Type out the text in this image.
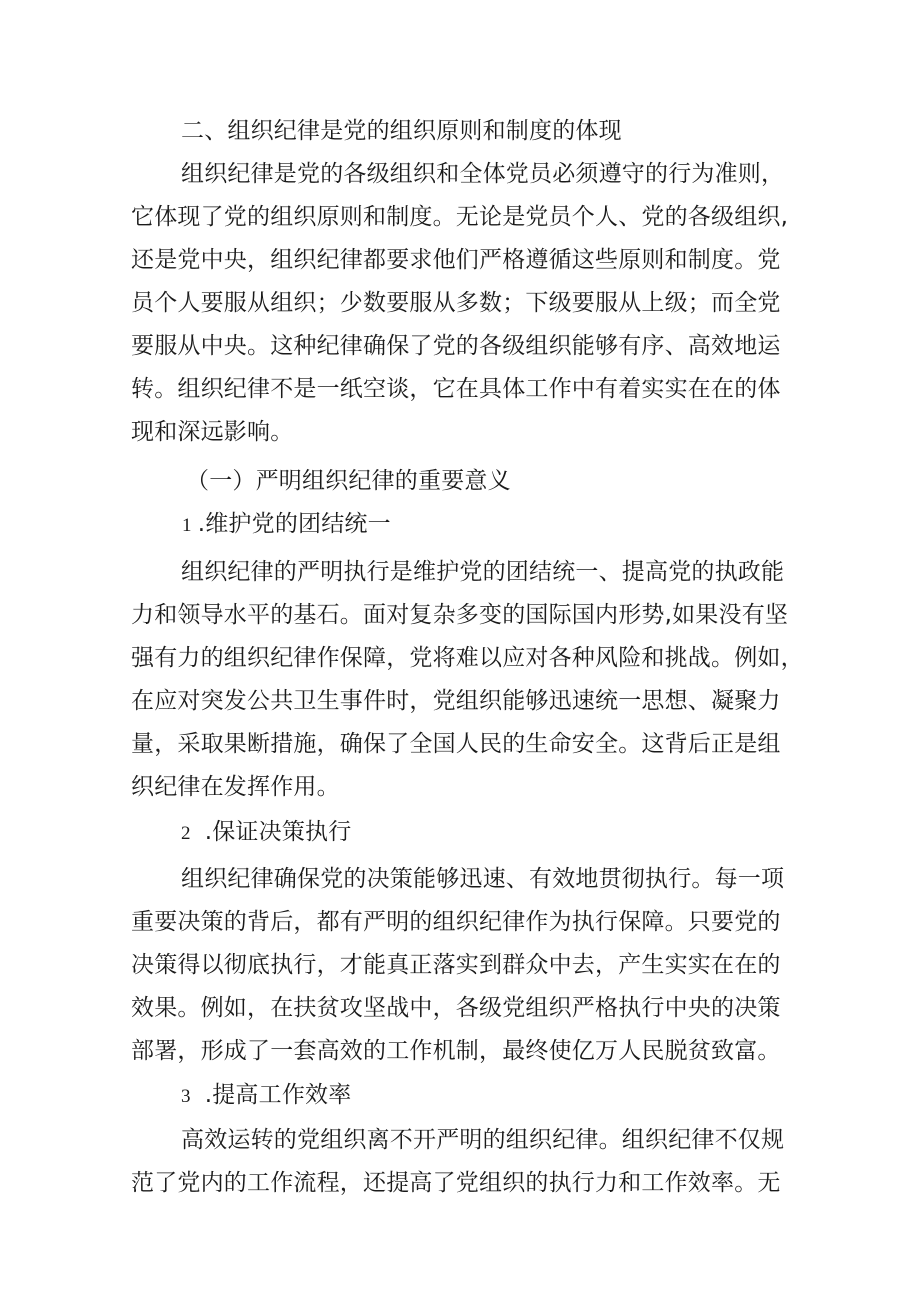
二、组织纪律是党的组织原则和制度的体现
组织纪律是党的各级组织和全体党员必须遵守的行为准则，
它体现了党的组织原则和制度。无论是党员个人、党的各级组织,
还是党中央，组织纪律都要求他们严格遵循这些原则和制度。党
员个人要服从组织；少数要服从多数；下级要服从上级；而全党
要服从中央。这种纪律确保了党的各级组织能够有序、高效地运
转。组织纪律不是一纸空谈，它在具体工作中有着实实在在的体
现和深远影响。
（一）严明组织纪律的重要意义
1 .维护党的团结统一
组织纪律的严明执行是维护党的团结统一、提高党的执政能
力和领导水平的基石。面对复杂多变的国际国内形势,如果没有坚
强有力的组织纪律作保障，党将难以应对各种风险和挑战。例如，
在应对突发公共卫生事件时，党组织能够迅速统一思想、凝聚力
量，采取果断措施，确保了全国人民的生命安全。这背后正是组
织纪律在发挥作用。
2 .保证决策执行
组织纪律确保党的决策能够迅速、有效地贯彻执行。每一项
重要决策的背后，都有严明的组织纪律作为执行保障。只要党的
决策得以彻底执行，才能真正落实到群众中去，产生实实在在的
效果。例如，在扶贫攻坚战中，各级党组织严格执行中央的决策
部署，形成了一套高效的工作机制，最终使亿万人民脱贫致富。
3 .提高工作效率
高效运转的党组织离不开严明的组织纪律。组织纪律不仅规
范了党内的工作流程，还提高了党组织的执行力和工作效率。无
